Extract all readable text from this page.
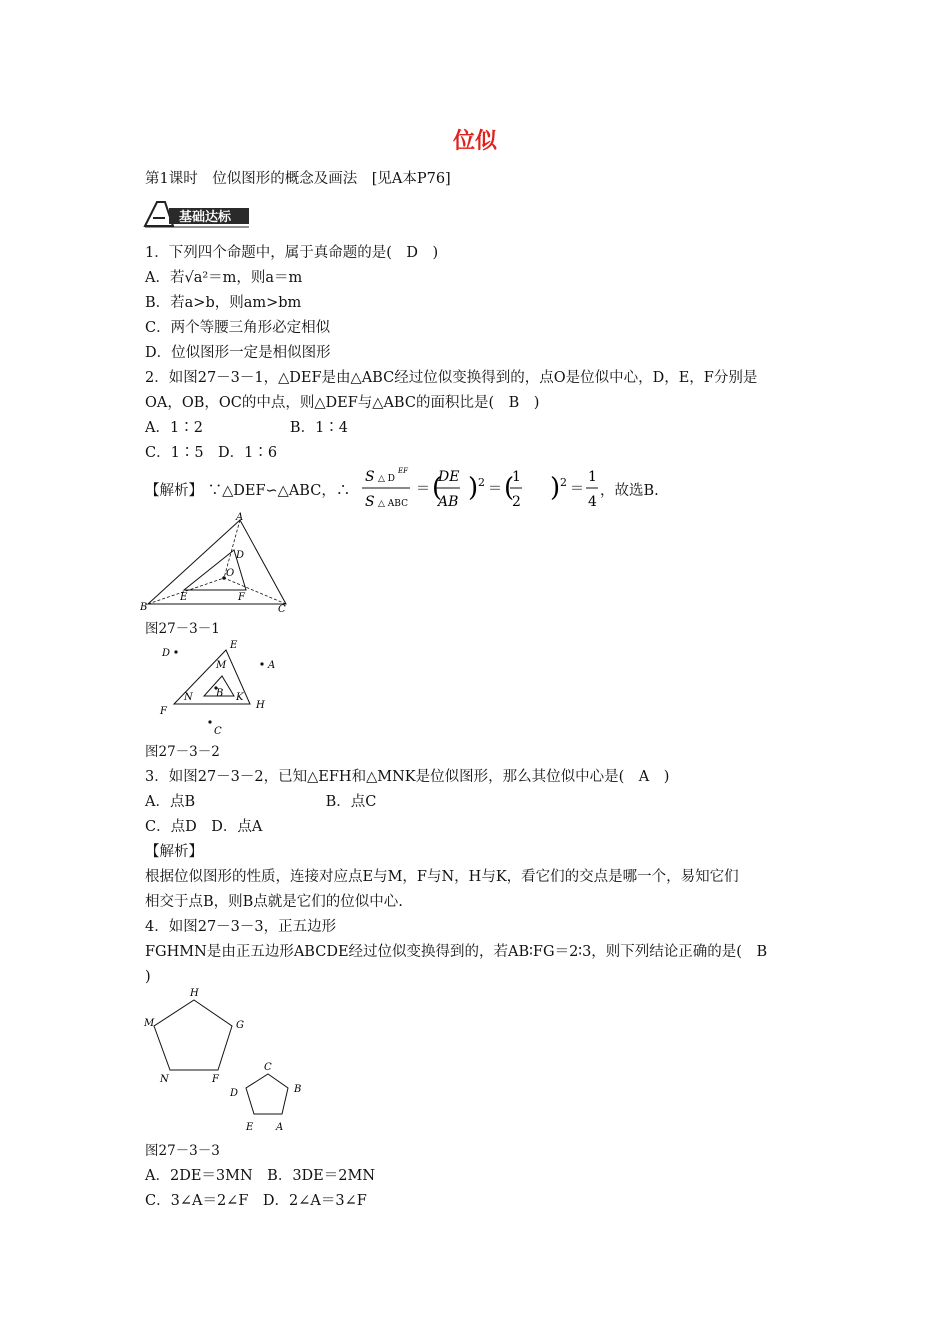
位似
第1课时　位似图形的概念及画法　[见A本P76]
基础达标
1．下列四个命题中，属于真命题的是(　D　)
A．若√a²＝m，则a＝m
B．若a>b，则am>bm
C．两个等腰三角形必定相似
D．位似图形一定是相似图形
2．如图27－3－1，△DEF是由△ABC经过位似变换得到的，点O是位似中心，D，E，F分别是
OA，OB，OC的中点，则△DEF与△ABC的面积比是(　B　)
A．1∶2　　　　　　B．1∶4
C．1∶5　D．1∶6
【解析】 ∵△DEF∽△ABC，∴
S △ D
EF
S △ ABC
＝ (
DE
AB ) 2 ＝ (
1
2 ) 2 ＝
1
4
，故选B.
A
B	C
D
E	F
O
图27－3－1
D
E
A
M
N B K
F
H
C
图27－3－2
3．如图27－3－2，已知△EFH和△MNK是位似图形，那么其位似中心是(　A　)
A．点B　　　　　　　　　B．点C
C．点D　D．点A
【解析】
根据位似图形的性质，连接对应点E与M，F与N，H与K，看它们的交点是哪一个，易知它们
相交于点B，则B点就是它们的位似中心.
4．如图27－3－3，正五边形
FGHMN是由正五边形ABCDE经过位似变换得到的，若AB∶FG＝2∶3，则下列结论正确的是(　B
)
H
M	G
N	F
C
D	B
E A
图27－3－3
A．2DE＝3MN　B．3DE＝2MN
C．3∠A＝2∠F　D．2∠A＝3∠F
